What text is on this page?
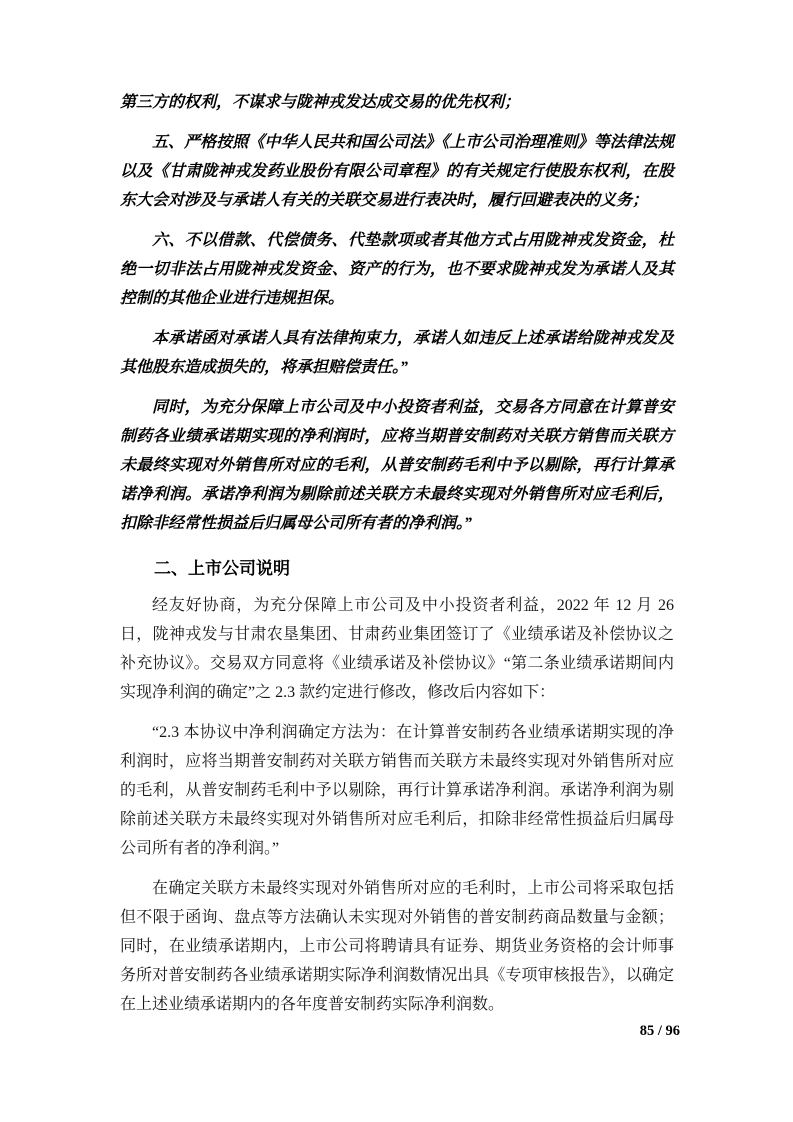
第三方的权利，不谋求与陇神戎发达成交易的优先权利；

五、严格按照《中华人民共和国公司法》《上市公司治理准则》等法律法规以及《甘肃陇神戎发药业股份有限公司章程》的有关规定行使股东权利，在股东大会对涉及与承诺人有关的关联交易进行表决时，履行回避表决的义务；

六、不以借款、代偿债务、代垫款项或者其他方式占用陇神戎发资金，杜绝一切非法占用陇神戎发资金、资产的行为，也不要求陇神戎发为承诺人及其控制的其他企业进行违规担保。

本承诺函对承诺人具有法律拘束力，承诺人如违反上述承诺给陇神戎发及其他股东造成损失的，将承担赔偿责任。”

同时，为充分保障上市公司及中小投资者利益，交易各方同意在计算普安制药各业绩承诺期实现的净利润时，应将当期普安制药对关联方销售而关联方未最终实现对外销售所对应的毛利，从普安制药毛利中予以剔除，再行计算承诺净利润。承诺净利润为剔除前述关联方未最终实现对外销售所对应毛利后，扣除非经常性损益后归属母公司所有者的净利润。”

二、上市公司说明

经友好协商，为充分保障上市公司及中小投资者利益，2022 年 12 月 26 日，陇神戎发与甘肃农垦集团、甘肃药业集团签订了《业绩承诺及补偿协议之补充协议》。交易双方同意将《业绩承诺及补偿协议》“第二条业绩承诺期间内实现净利润的确定”之 2.3 款约定进行修改，修改后内容如下：

“2.3 本协议中净利润确定方法为：在计算普安制药各业绩承诺期实现的净利润时，应将当期普安制药对关联方销售而关联方未最终实现对外销售所对应的毛利，从普安制药毛利中予以剔除，再行计算承诺净利润。承诺净利润为剔除前述关联方未最终实现对外销售所对应毛利后，扣除非经常性损益后归属母公司所有者的净利润。”

在确定关联方未最终实现对外销售所对应的毛利时，上市公司将采取包括但不限于函询、盘点等方法确认未实现对外销售的普安制药商品数量与金额；同时，在业绩承诺期内，上市公司将聘请具有证券、期货业务资格的会计师事务所对普安制药各业绩承诺期实际净利润数情况出具《专项审核报告》，以确定在上述业绩承诺期内的各年度普安制药实际净利润数。

85 / 96
